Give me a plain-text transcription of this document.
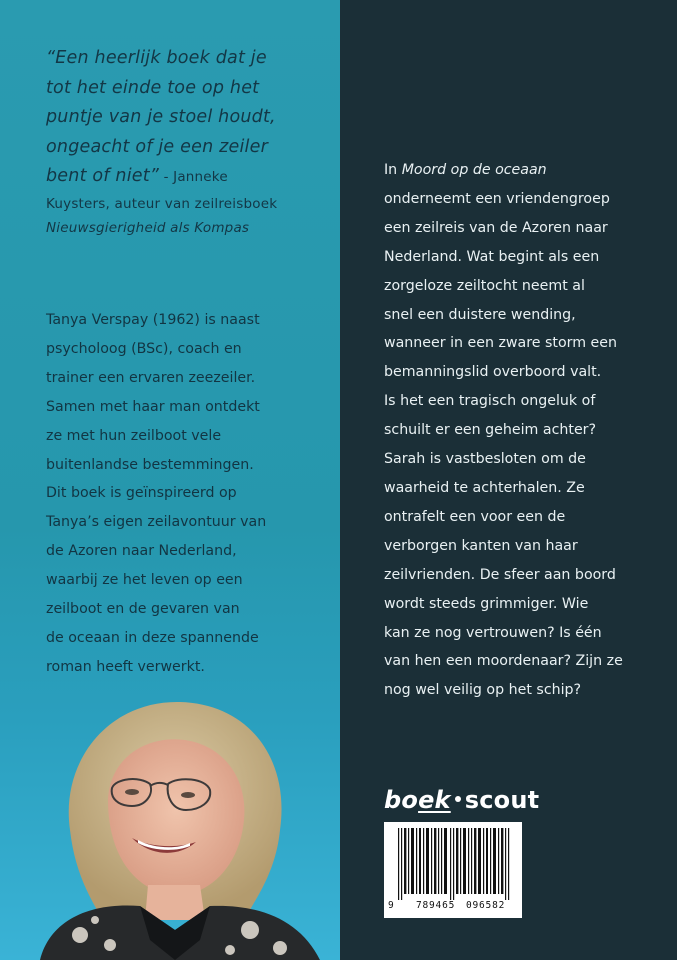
“Een heerlijk boek dat je
tot het einde toe op het
puntje van je stoel houdt,
ongeacht of je een zeiler
bent of niet” - Janneke
Kuysters, auteur van zeilreisboek
Nieuwsgierigheid als Kompas
Tanya Verspay (1962) is naast
psycholoog (BSc), coach en
trainer een ervaren zeezeiler.
Samen met haar man ontdekt
ze met hun zeilboot vele
buitenlandse bestemmingen.
Dit boek is geïnspireerd op
Tanya’s eigen zeilavontuur van
de Azoren naar Nederland,
waarbij ze het leven op een
zeilboot en de gevaren van
de oceaan in deze spannende
roman heeft verwerkt.
In Moord op de oceaan
onderneemt een vriendengroep
een zeilreis van de Azoren naar
Nederland. Wat begint als een
zorgeloze zeiltocht neemt al
snel een duistere wending,
wanneer in een zware storm een
bemanningslid overboord valt.
Is het een tragisch ongeluk of
schuilt er een geheim achter?
Sarah is vastbesloten om de
waarheid te achterhalen. Ze
ontrafelt een voor een de
verborgen kanten van haar
zeilvrienden. De sfeer aan boord
wordt steeds grimmiger. Wie
kan ze nog vertrouwen? Is één
van hen een moordenaar? Zijn ze
nog wel veilig op het schip?
boek scout
9 789465 096582
